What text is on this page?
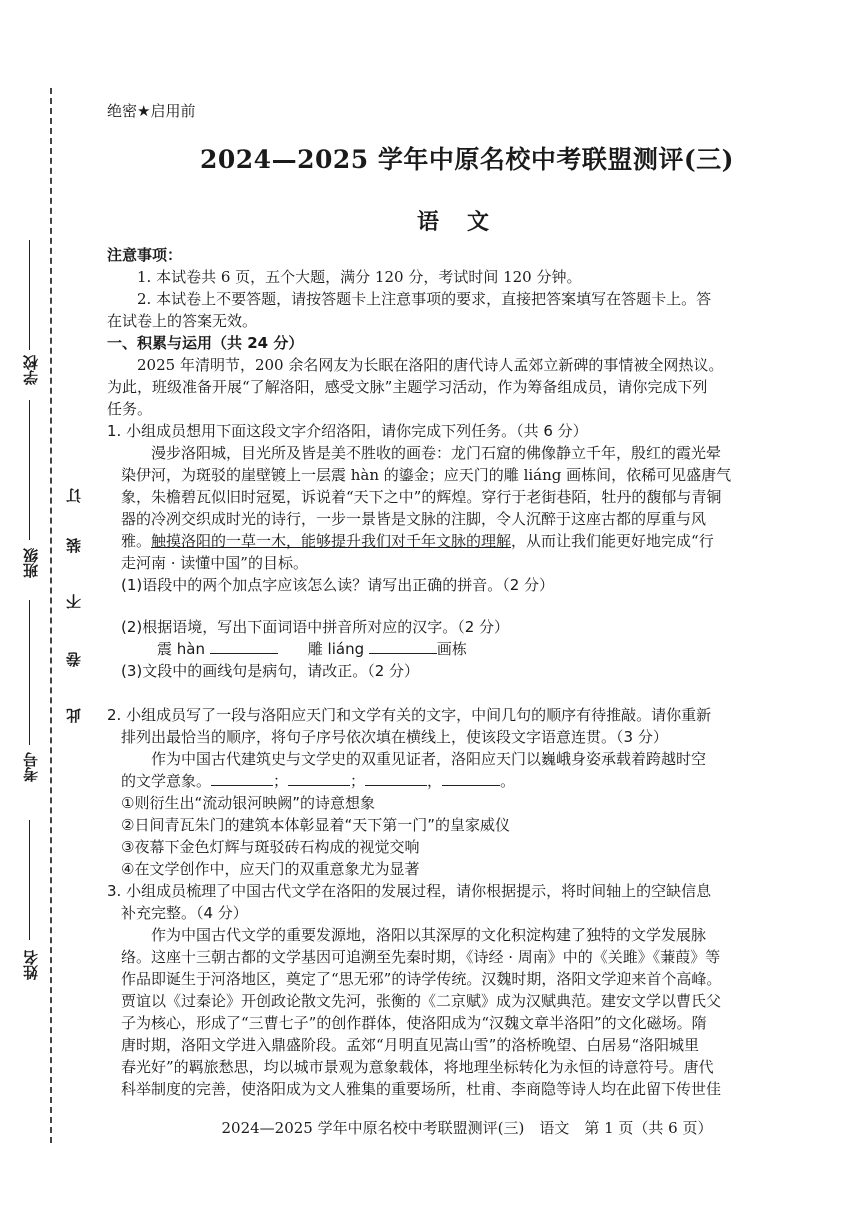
学校
班级
考号
姓名
订
装
不
卷
此
绝密★启用前
2024—2025 学年中原名校中考联盟测评(三)
语文
注意事项：
1. 本试卷共 6 页，五个大题，满分 120 分，考试时间 120 分钟。
2. 本试卷上不要答题，请按答题卡上注意事项的要求，直接把答案填写在答题卡上。答
在试卷上的答案无效。
一、积累与运用（共 24 分）
2025 年清明节，200 余名网友为长眠在洛阳的唐代诗人孟郊立新碑的事情被全网热议。
为此，班级准备开展“了解洛阳，感受文脉”主题学习活动，作为筹备组成员，请你完成下列
任务。
1. 小组成员想用下面这段文字介绍洛阳，请你完成下列任务。（共 6 分）
漫步洛阳城，目光所及皆是美不胜收的画卷：龙门石窟的佛像静立千年，殷红的霞光晕
染伊河，为斑驳的崖壁镀上一层震 hàn 的鎏金；应天门的雕 liáng 画栋间，依稀可见盛唐气
象，朱檐碧瓦似旧时冠冕，诉说着“天下之中”的辉煌。穿行于老街巷陌，牡丹的馥郁与青铜
器的冷冽交织成时光的诗行，一步一景皆是文脉的注脚，令人沉醉于这座古都的厚重与风
雅。触摸洛阳的一草一木，能够提升我们对千年文脉的理解，从而让我们能更好地完成“行
走河南 · 读懂中国”的目标。
(1)语段中的两个加点字应该怎么读？请写出正确的拼音。（2 分）
(2)根据语境，写出下面词语中拼音所对应的汉字。（2 分）
震 hàn 　　	雕 liáng	画栋
(3)文段中的画线句是病句，请改正。（2 分）
2. 小组成员写了一段与洛阳应天门和文学有关的文字，中间几句的顺序有待推敲。请你重新
排列出最恰当的顺序，将句子序号依次填在横线上，使该段文字语意连贯。（3 分）
作为中国古代建筑史与文学史的双重见证者，洛阳应天门以巍峨身姿承载着跨越时空
的文学意象。	；	；	，	。
①则衍生出“流动银河映阙”的诗意想象
②日间青瓦朱门的建筑本体彰显着“天下第一门”的皇家威仪
③夜幕下金色灯辉与斑驳砖石构成的视觉交响
④在文学创作中，应天门的双重意象尤为显著
3. 小组成员梳理了中国古代文学在洛阳的发展过程，请你根据提示，将时间轴上的空缺信息
补充完整。（4 分）
作为中国古代文学的重要发源地，洛阳以其深厚的文化积淀构建了独特的文学发展脉
络。这座十三朝古都的文学基因可追溯至先秦时期，《诗经 · 周南》中的《关雎》《蒹葭》等
作品即诞生于河洛地区，奠定了“思无邪”的诗学传统。汉魏时期，洛阳文学迎来首个高峰。
贾谊以《过秦论》开创政论散文先河，张衡的《二京赋》成为汉赋典范。建安文学以曹氏父
子为核心，形成了“三曹七子”的创作群体，使洛阳成为“汉魏文章半洛阳”的文化磁场。隋
唐时期，洛阳文学进入鼎盛阶段。孟郊“月明直见嵩山雪”的洛桥晚望、白居易“洛阳城里
春光好”的羁旅愁思，均以城市景观为意象载体，将地理坐标转化为永恒的诗意符号。唐代
科举制度的完善，使洛阳成为文人雅集的重要场所，杜甫、李商隐等诗人均在此留下传世佳
2024—2025 学年中原名校中考联盟测评(三)　语文　第 1 页（共 6 页）
